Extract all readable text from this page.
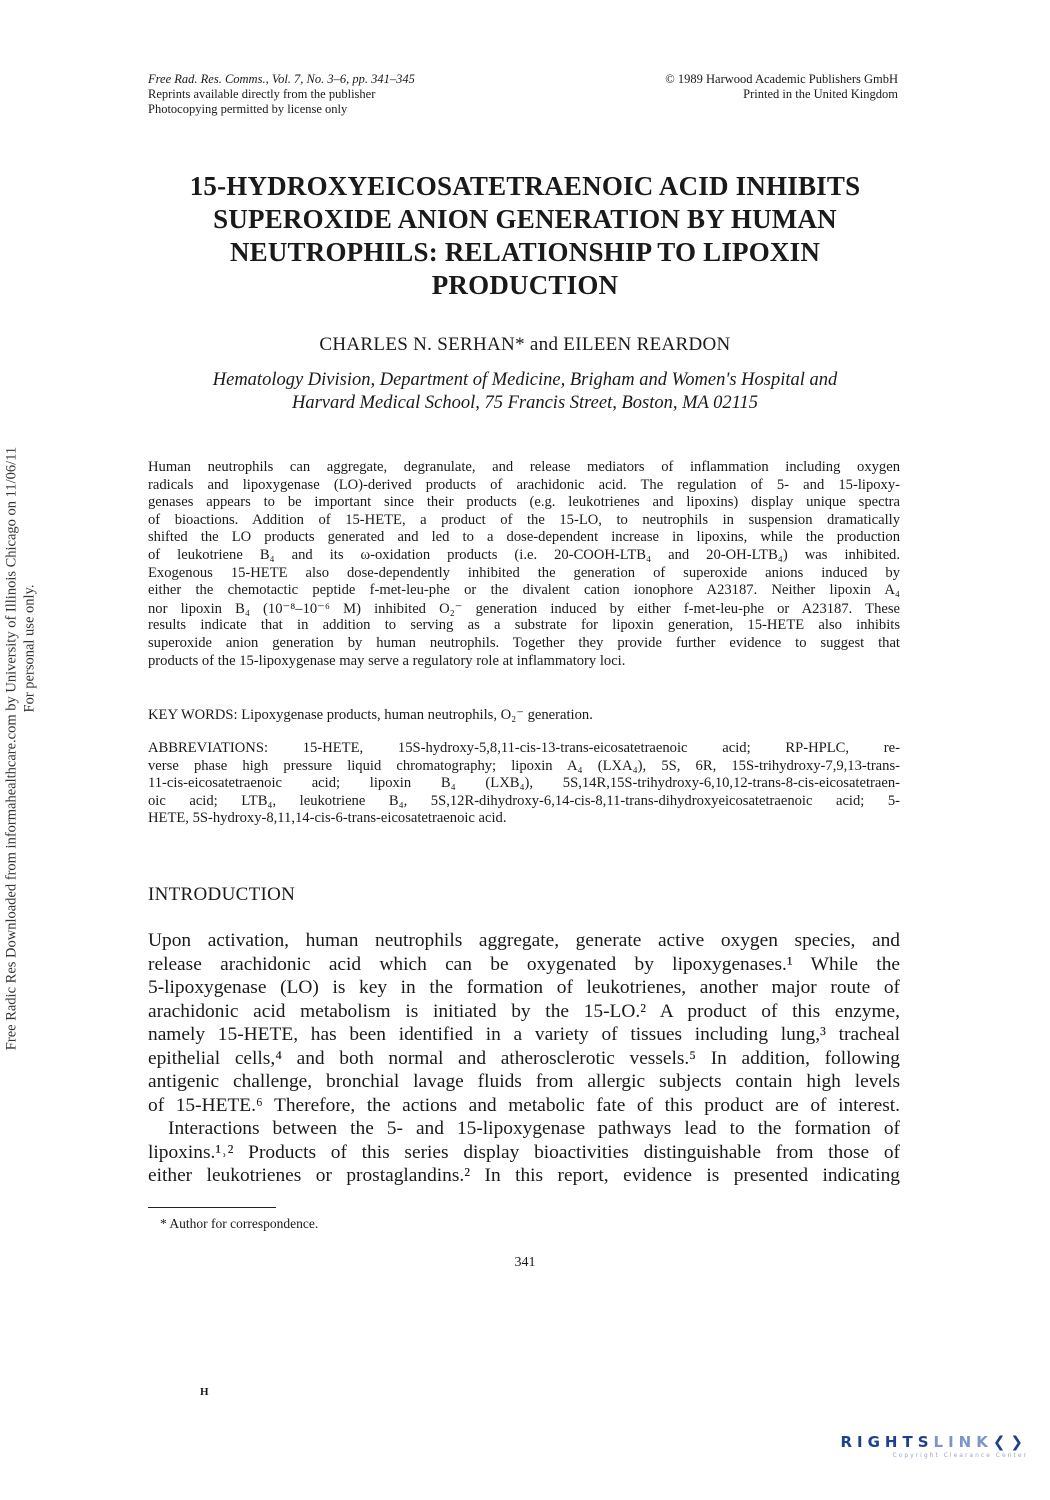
Free Rad. Res. Comms., Vol. 7, No. 3–6, pp. 341–345
Reprints available directly from the publisher
Photocopying permitted by license only
© 1989 Harwood Academic Publishers GmbH
Printed in the United Kingdom
15-HYDROXYEICOSATETRAENOIC ACID INHIBITS
SUPEROXIDE ANION GENERATION BY HUMAN
NEUTROPHILS: RELATIONSHIP TO LIPOXIN
PRODUCTION
CHARLES N. SERHAN* and EILEEN REARDON
Hematology Division, Department of Medicine, Brigham and Women's Hospital and
Harvard Medical School, 75 Francis Street, Boston, MA 02115
Human neutrophils can aggregate, degranulate, and release mediators of inflammation including oxygen
radicals and lipoxygenase (LO)-derived products of arachidonic acid. The regulation of 5- and 15-lipoxy-
genases appears to be important since their products (e.g. leukotrienes and lipoxins) display unique spectra
of bioactions. Addition of 15-HETE, a product of the 15-LO, to neutrophils in suspension dramatically
shifted the LO products generated and led to a dose-dependent increase in lipoxins, while the production
of leukotriene B₄ and its ω-oxidation products (i.e. 20-COOH-LTB₄ and 20-OH-LTB₄) was inhibited.
Exogenous 15-HETE also dose-dependently inhibited the generation of superoxide anions induced by
either the chemotactic peptide f-met-leu-phe or the divalent cation ionophore A23187. Neither lipoxin A₄
nor lipoxin B₄ (10⁻⁸–10⁻⁶ M) inhibited O₂⁻ generation induced by either f-met-leu-phe or A23187. These
results indicate that in addition to serving as a substrate for lipoxin generation, 15-HETE also inhibits
superoxide anion generation by human neutrophils. Together they provide further evidence to suggest that
products of the 15-lipoxygenase may serve a regulatory role at inflammatory loci.
KEY WORDS: Lipoxygenase products, human neutrophils, O₂⁻ generation.
ABBREVIATIONS: 15-HETE, 15S-hydroxy-5,8,11-cis-13-trans-eicosatetraenoic acid; RP-HPLC, re-
verse phase high pressure liquid chromatography; lipoxin A₄ (LXA₄), 5S, 6R, 15S-trihydroxy-7,9,13-trans-
11-cis-eicosatetraenoic acid; lipoxin B₄ (LXB₄), 5S,14R,15S-trihydroxy-6,10,12-trans-8-cis-eicosatetraen-
oic acid; LTB₄, leukotriene B₄, 5S,12R-dihydroxy-6,14-cis-8,11-trans-dihydroxyeicosatetraenoic acid; 5-
HETE, 5S-hydroxy-8,11,14-cis-6-trans-eicosatetraenoic acid.
INTRODUCTION
Upon activation, human neutrophils aggregate, generate active oxygen species, and
release arachidonic acid which can be oxygenated by lipoxygenases.¹ While the
5-lipoxygenase (LO) is key in the formation of leukotrienes, another major route of
arachidonic acid metabolism is initiated by the 15-LO.² A product of this enzyme,
namely 15-HETE, has been identified in a variety of tissues including lung,³ tracheal
epithelial cells,⁴ and both normal and atherosclerotic vessels.⁵ In addition, following
antigenic challenge, bronchial lavage fluids from allergic subjects contain high levels
of 15-HETE.⁶ Therefore, the actions and metabolic fate of this product are of interest.
Interactions between the 5- and 15-lipoxygenase pathways lead to the formation of
lipoxins.¹˒² Products of this series display bioactivities distinguishable from those of
either leukotrienes or prostaglandins.² In this report, evidence is presented indicating
* Author for correspondence.
341
H
Free Radic Res Downloaded from informahealthcare.com by University of Illinois Chicago on 11/06/11 For personal use only.
RIGHTSLINK❮❯
Copyright Clearance Center
